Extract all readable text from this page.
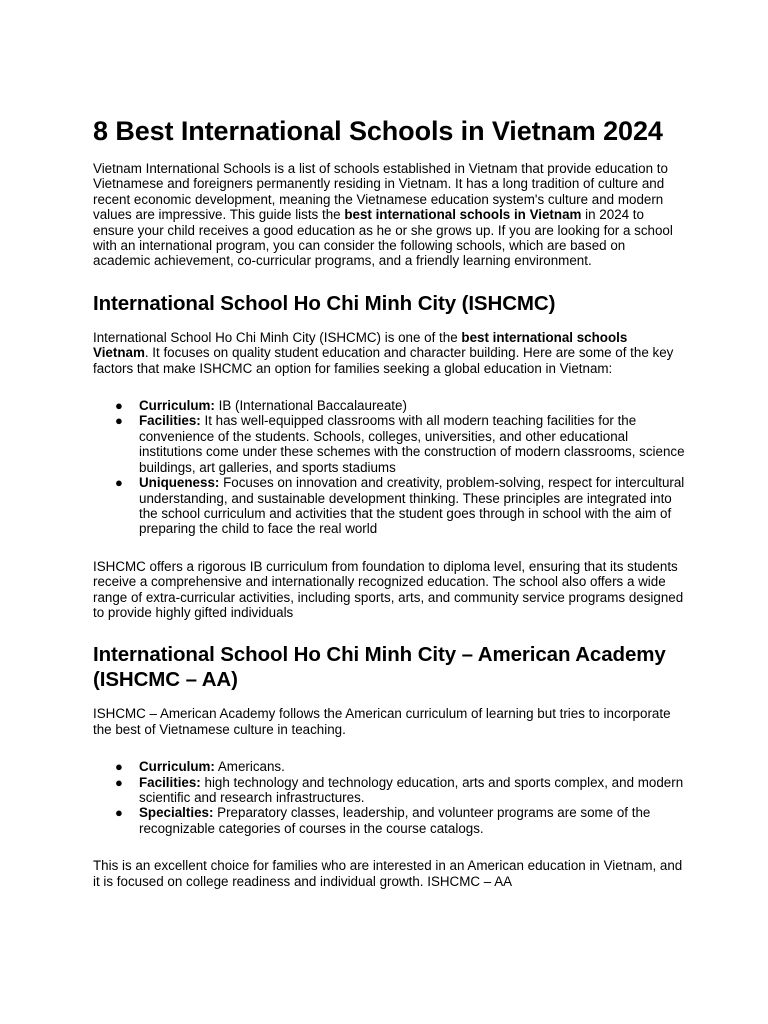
8 Best International Schools in Vietnam 2024

Vietnam International Schools is a list of schools established in Vietnam that provide education to Vietnamese and foreigners permanently residing in Vietnam. It has a long tradition of culture and recent economic development, meaning the Vietnamese education system's culture and modern values are impressive. This guide lists the best international schools in Vietnam in 2024 to ensure your child receives a good education as he or she grows up. If you are looking for a school with an international program, you can consider the following schools, which are based on academic achievement, co-curricular programs, and a friendly learning environment.

International School Ho Chi Minh City (ISHCMC)

International School Ho Chi Minh City (ISHCMC) is one of the best international schools Vietnam. It focuses on quality student education and character building. Here are some of the key factors that make ISHCMC an option for families seeking a global education in Vietnam:

● Curriculum: IB (International Baccalaureate)
● Facilities: It has well-equipped classrooms with all modern teaching facilities for the convenience of the students. Schools, colleges, universities, and other educational institutions come under these schemes with the construction of modern classrooms, science buildings, art galleries, and sports stadiums
● Uniqueness: Focuses on innovation and creativity, problem-solving, respect for intercultural understanding, and sustainable development thinking. These principles are integrated into the school curriculum and activities that the student goes through in school with the aim of preparing the child to face the real world

ISHCMC offers a rigorous IB curriculum from foundation to diploma level, ensuring that its students receive a comprehensive and internationally recognized education. The school also offers a wide range of extra-curricular activities, including sports, arts, and community service programs designed to provide highly gifted individuals

International School Ho Chi Minh City – American Academy (ISHCMC – AA)

ISHCMC – American Academy follows the American curriculum of learning but tries to incorporate the best of Vietnamese culture in teaching.

● Curriculum: Americans.
● Facilities: high technology and technology education, arts and sports complex, and modern scientific and research infrastructures.
● Specialties: Preparatory classes, leadership, and volunteer programs are some of the recognizable categories of courses in the course catalogs.

This is an excellent choice for families who are interested in an American education in Vietnam, and it is focused on college readiness and individual growth. ISHCMC – AA
